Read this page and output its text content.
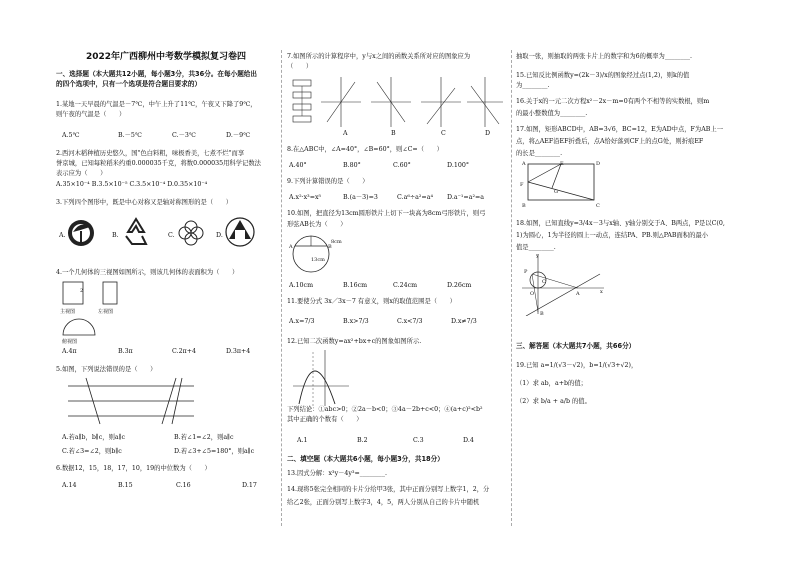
2022年广西柳州中考数学模拟复习卷四
一、选择题（本大题共12小题，每小题3分，共36分。在每小题给出
的四个选项中，只有一个选项是符合题目要求的）
1.某地一天早晨的气温是－7℃，中午上升了11℃，午夜又下降了9℃，
则午夜的气温是（　　）
A.5℃	B.－5℃	C.－3℃	D.－9℃
2.西河木稻种植历史悠久，国"色白料粗，味极香美，七煮不烂"而享
誉京城，已知每粒稻米约重0.000035千克，将数0.000035用科学记数法
表示应为（　　）
A.35×10⁻⁴ B.3.5×10⁻⁵ C.3.5×10⁻⁴ D.0.35×10⁻⁴
3.下列四个图形中，既是中心对称又是轴对称图形的是（　　）
A.	B.	C.	D.
4.一个几何体的三视图如图所示，则该几何体的表面积为（　　）
2
主视图	左视图
俯视图
A.4π	B.3π	C.2π+4	D.3π+4
5.如图，下列说法错误的是（　　）
A.若a∥b，b∥c，则a∥c	B.若∠1=∠2，则a∥c
C.若∠3=∠2，则b∥c	D.若∠3+∠5=180°，则a∥c
6.数据12，15，18，17，10，19的中位数为（　　）
A.14	B.15	C.16	D.17
7.如图所示的计算程序中，y与x之间的函数关系所对应的图象应为
（　　）
A	B	C	D
8.在△ABC中，∠A=40°，∠B=60°，则∠C=（　　）
A.40°	B.80°	C.60°	D.100°
9.下列计算错误的是（　　）
A.x²·x³=x⁵	B.(a－3)=3	C.a⁶÷a²=a⁴ D.a⁻¹=a²=a
10.如图，把直径为13cm圆形铁片上切下一块高为8cm弓形铁片，则弓
形弦AB长为（　　）
8cm
13cm
A	B
A.10cm	B.16cm	C.24cm	D.26cm
11.要使分式 3x／3x－7 有意义，则x的取值范围是（　　）
A.x=7/3	B.x>7/3	C.x<7/3	D.x≠7/3
12.已知二次函数y=ax²+bx+c的图象如图所示.
下列结论：①abc>0；②2a－b<0；③4a－2b+c<0；④(a+c)²<b²
其中正确的个数有（　　）
A.1	B.2	C.3	D.4
二、填空题（本大题共6小题，每小题3分，共18分）
13.因式分解：x³y－4y³=________.
14.现将5张完全相同的卡片分给甲3张，其中正面分别写上数字1，2，分
给乙2张，正面分别写上数字3，4，5，两人分别从自己的卡片中随机
抽取一张，则抽取的两张卡片上的数字和为6的概率为________.
15.已知反比例函数y=(2k－3)/x的图象经过点(1,2)，则k的值
为________.
16.关于x的一元二次方程x²－2x－m=0有两个不相等的实数根，则m
的最小整数值为________.
17.如图，矩形ABCD中，AB=3√6，BC=12，E为AD中点，F为AB上一
点，将△AEF沿EF折叠后，点A恰好落到CF上的点G处，则折痕EF
的长是________.
A	E	D
F
G
B	C
18.如图，已知直线y=3/4x－3与x轴、y轴分别交于A、B两点，P是以C(0,
1)为圆心，1为半径的圆上一动点，连结PA、PB.则△PAB面积的最小
值是________.
y
P
C
O	A	x
B
三、解答题（本大题共7小题，共66分）
19.已知 a=1/(√3－√2)，b=1/(√3+√2)，
（1）求 ab，a+b的值；
（2）求 b/a + a/b 的值。
